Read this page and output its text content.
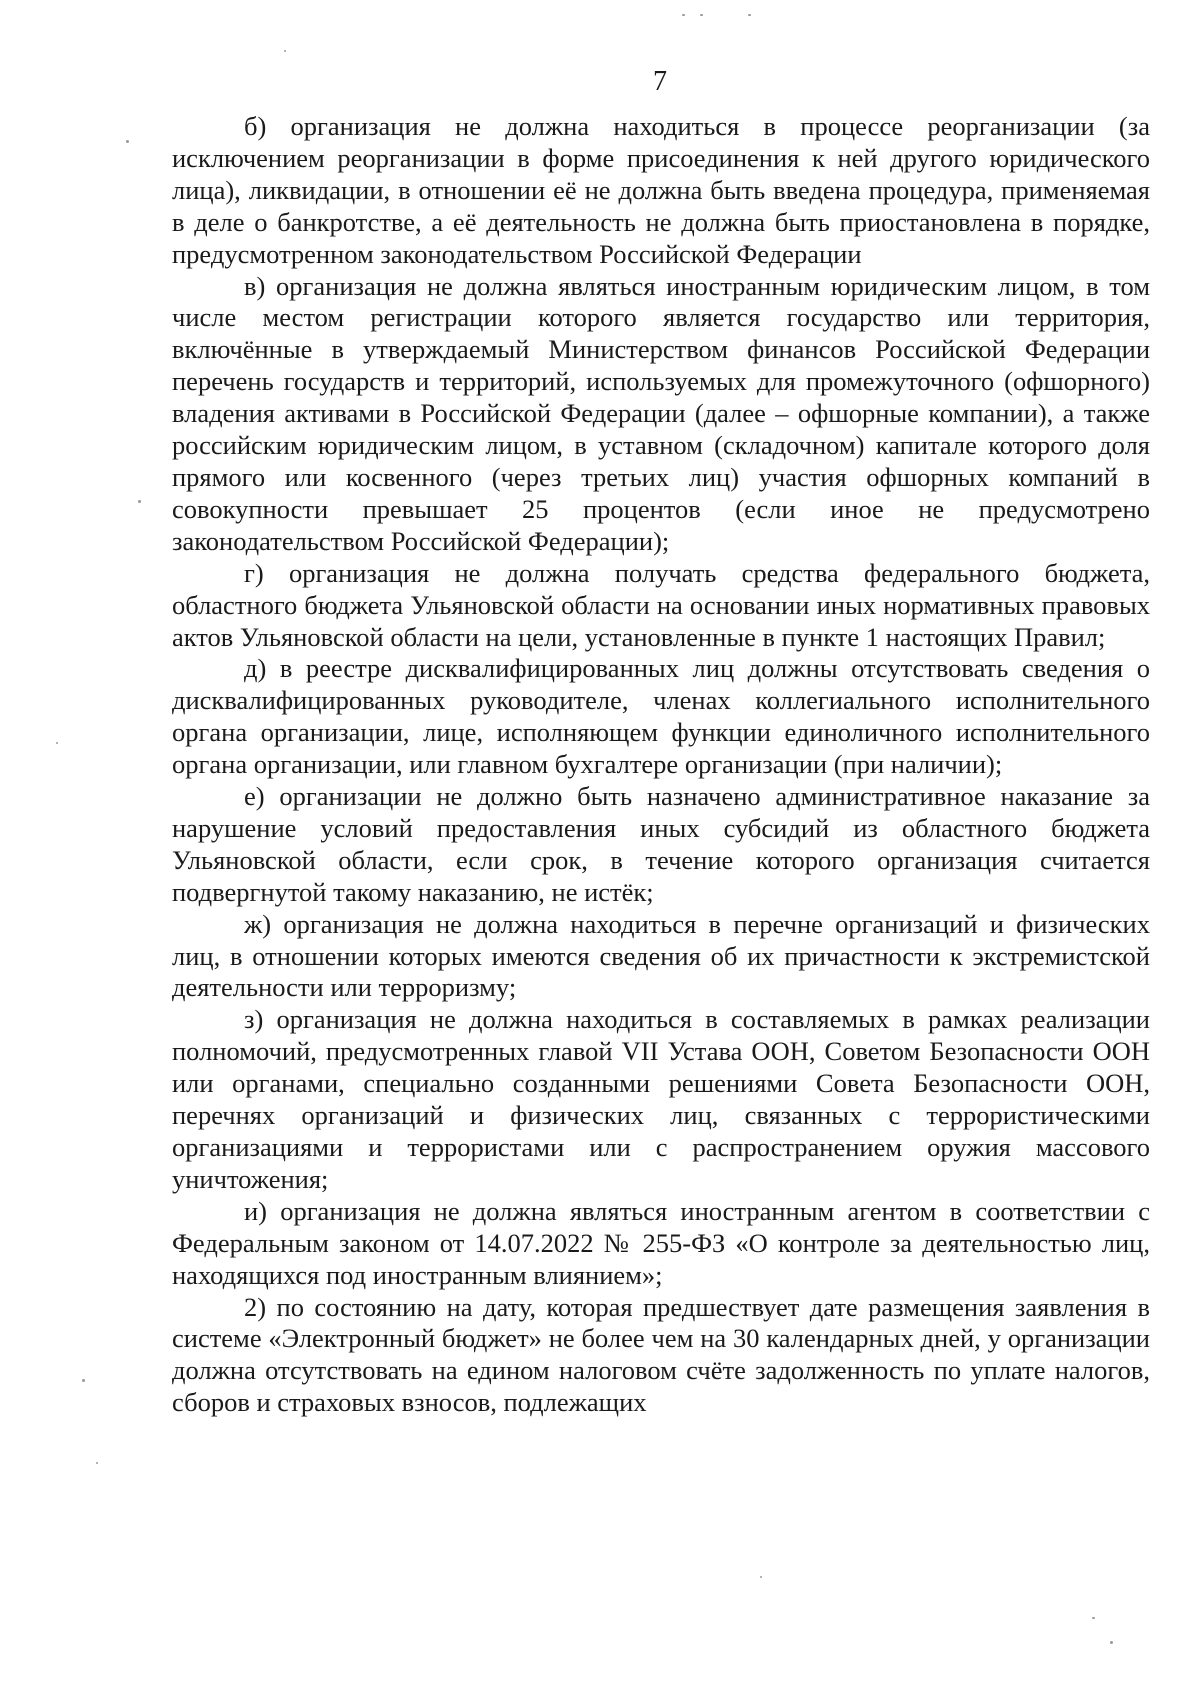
7

б) организация не должна находиться в процессе реорганизации (за исключением реорганизации в форме присоединения к ней другого юридического лица), ликвидации, в отношении её не должна быть введена процедура, применяемая в деле о банкротстве, а её деятельность не должна быть приостановлена в порядке, предусмотренном законодательством Российской Федерации

в) организация не должна являться иностранным юридическим лицом, в том числе местом регистрации которого является государство или территория, включённые в утверждаемый Министерством финансов Российской Федерации перечень государств и территорий, используемых для промежуточного (офшорного) владения активами в Российской Федерации (далее – офшорные компании), а также российским юридическим лицом, в уставном (складочном) капитале которого доля прямого или косвенного (через третьих лиц) участия офшорных компаний в совокупности превышает 25 процентов (если иное не предусмотрено законодательством Российской Федерации);

г) организация не должна получать средства федерального бюджета, областного бюджета Ульяновской области на основании иных нормативных правовых актов Ульяновской области на цели, установленные в пункте 1 настоящих Правил;

д) в реестре дисквалифицированных лиц должны отсутствовать сведения о дисквалифицированных руководителе, членах коллегиального исполнительного органа организации, лице, исполняющем функции единоличного исполнительного органа организации, или главном бухгалтере организации (при наличии);

е) организации не должно быть назначено административное наказание за нарушение условий предоставления иных субсидий из областного бюджета Ульяновской области, если срок, в течение которого организация считается подвергнутой такому наказанию, не истёк;

ж) организация не должна находиться в перечне организаций и физических лиц, в отношении которых имеются сведения об их причастности к экстремистской деятельности или терроризму;

з) организация не должна находиться в составляемых в рамках реализации полномочий, предусмотренных главой VII Устава ООН, Советом Безопасности ООН или органами, специально созданными решениями Совета Безопасности ООН, перечнях организаций и физических лиц, связанных с террористическими организациями и террористами или с распространением оружия массового уничтожения;

и) организация не должна являться иностранным агентом в соответствии с Федеральным законом от 14.07.2022 № 255-ФЗ «О контроле за деятельностью лиц, находящихся под иностранным влиянием»;

2) по состоянию на дату, которая предшествует дате размещения заявления в системе «Электронный бюджет» не более чем на 30 календарных дней, у организации должна отсутствовать на едином налоговом счёте задолженность по уплате налогов, сборов и страховых взносов, подлежащих
